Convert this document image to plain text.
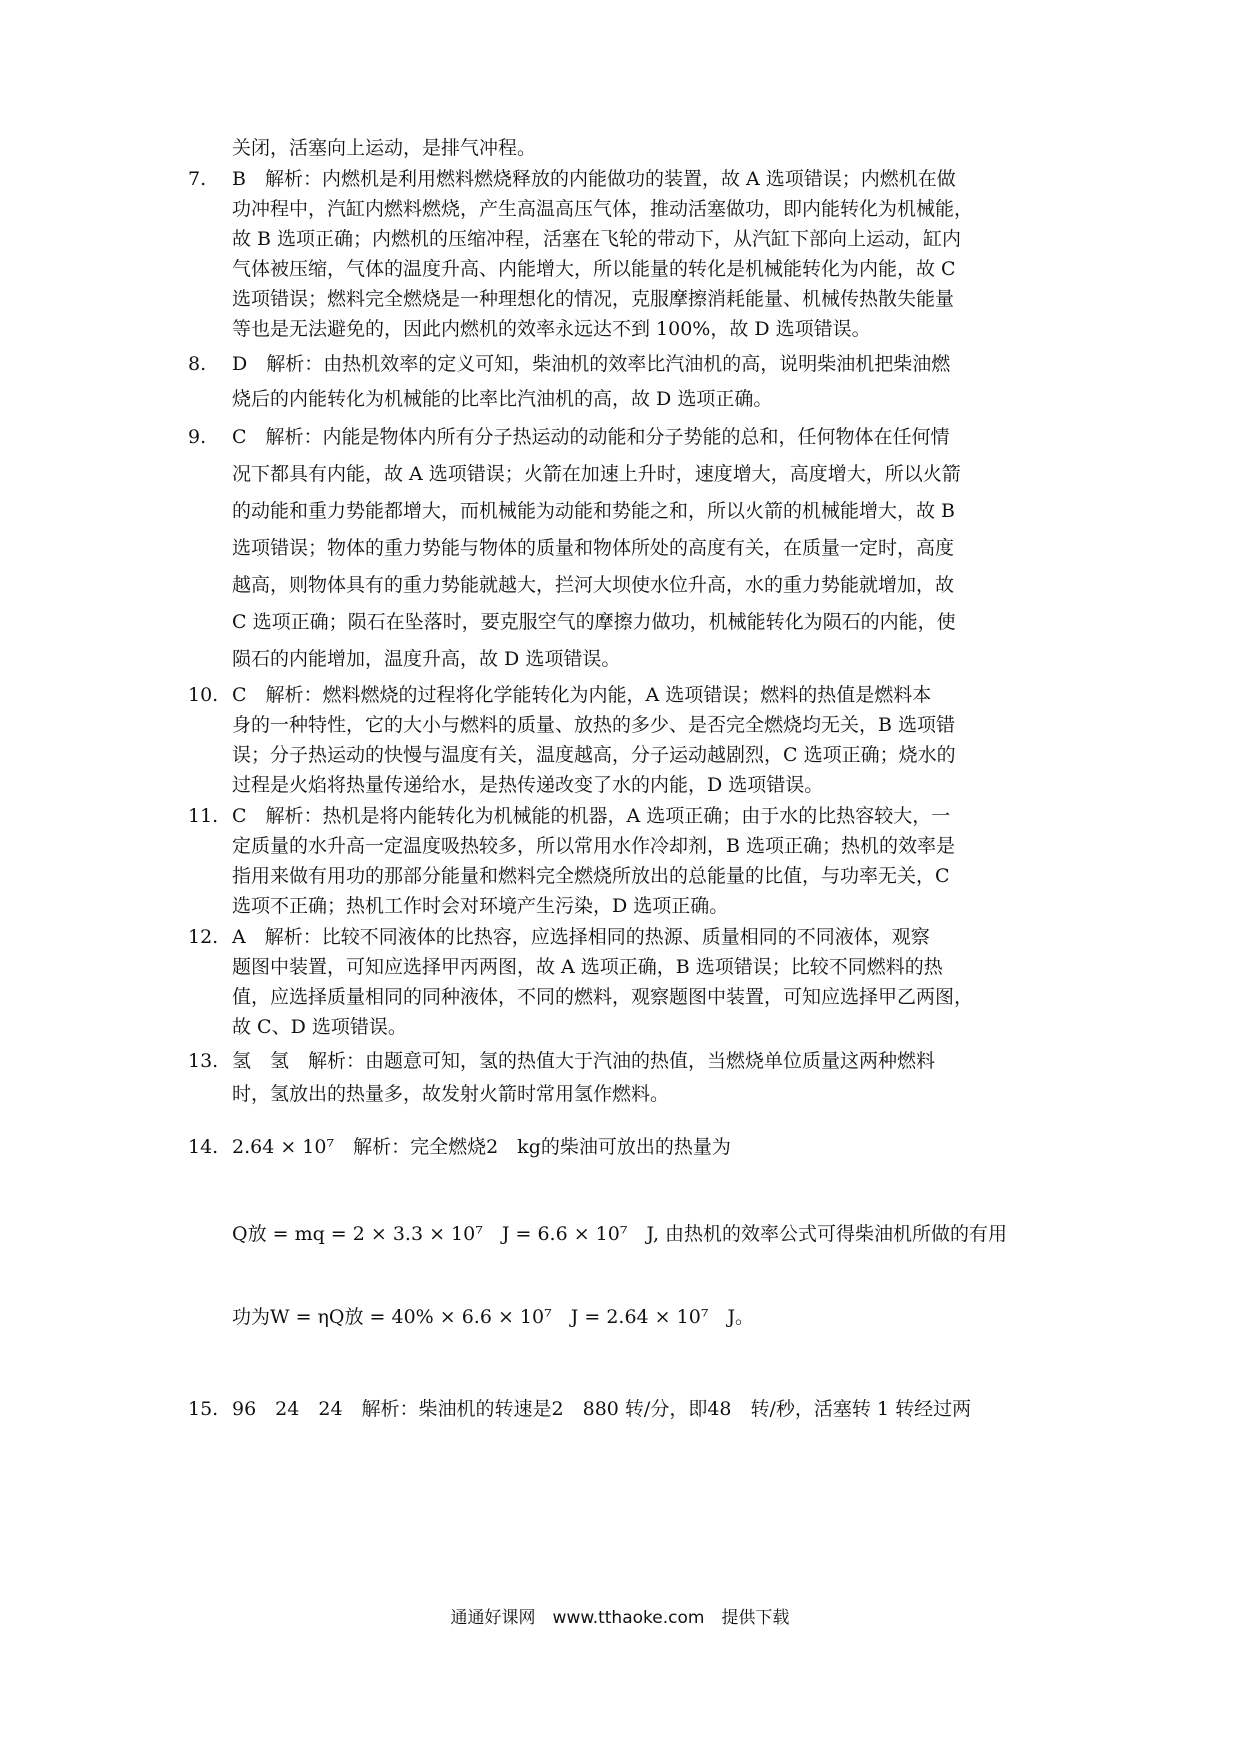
关闭，活塞向上运动，是排气冲程。
7.	B　解析：内燃机是利用燃料燃烧释放的内能做功的装置，故 A 选项错误；内燃机在做
功冲程中，汽缸内燃料燃烧，产生高温高压气体，推动活塞做功，即内能转化为机械能，
故 B 选项正确；内燃机的压缩冲程，活塞在飞轮的带动下，从汽缸下部向上运动，缸内
气体被压缩，气体的温度升高、内能增大，所以能量的转化是机械能转化为内能，故 C
选项错误；燃料完全燃烧是一种理想化的情况，克服摩擦消耗能量、机械传热散失能量
等也是无法避免的，因此内燃机的效率永远达不到 100%，故 D 选项错误。
8.	D　解析：由热机效率的定义可知，柴油机的效率比汽油机的高，说明柴油机把柴油燃
烧后的内能转化为机械能的比率比汽油机的高，故 D 选项正确。
9.	C　解析：内能是物体内所有分子热运动的动能和分子势能的总和，任何物体在任何情
况下都具有内能，故 A 选项错误；火箭在加速上升时，速度增大，高度增大，所以火箭
的动能和重力势能都增大，而机械能为动能和势能之和，所以火箭的机械能增大，故 B
选项错误；物体的重力势能与物体的质量和物体所处的高度有关，在质量一定时，高度
越高，则物体具有的重力势能就越大，拦河大坝使水位升高，水的重力势能就增加，故
C 选项正确；陨石在坠落时，要克服空气的摩擦力做功，机械能转化为陨石的内能，使
陨石的内能增加，温度升高，故 D 选项错误。
10. C　解析：燃料燃烧的过程将化学能转化为内能，A 选项错误；燃料的热值是燃料本
身的一种特性，它的大小与燃料的质量、放热的多少、是否完全燃烧均无关，B 选项错
误；分子热运动的快慢与温度有关，温度越高，分子运动越剧烈，C 选项正确；烧水的
过程是火焰将热量传递给水，是热传递改变了水的内能，D 选项错误。
11. C　解析：热机是将内能转化为机械能的机器，A 选项正确；由于水的比热容较大，一
定质量的水升高一定温度吸热较多，所以常用水作冷却剂，B 选项正确；热机的效率是
指用来做有用功的那部分能量和燃料完全燃烧所放出的总能量的比值，与功率无关，C
选项不正确；热机工作时会对环境产生污染，D 选项正确。
12. A　解析：比较不同液体的比热容，应选择相同的热源、质量相同的不同液体，观察
题图中装置，可知应选择甲丙两图，故 A 选项正确，B 选项错误；比较不同燃料的热
值，应选择质量相同的同种液体，不同的燃料，观察题图中装置，可知应选择甲乙两图，
故 C、D 选项错误。
13. 氢　氢　解析：由题意可知，氢的热值大于汽油的热值，当燃烧单位质量这两种燃料
时，氢放出的热量多，故发射火箭时常用氢作燃料。
14. 2.64 × 10⁷　解析：完全燃烧2　kg的柴油可放出的热量为
Q放 = mq = 2 × 3.3 × 10⁷　J = 6.6 × 10⁷　J, 由热机的效率公式可得柴油机所做的有用
功为W = ηQ放 = 40% × 6.6 × 10⁷　J = 2.64 × 10⁷　J。
15. 96　24　24　解析：柴油机的转速是2　880 转/分，即48　转/秒，活塞转 1 转经过两
通通好课网　www.tthaoke.com　提供下载
